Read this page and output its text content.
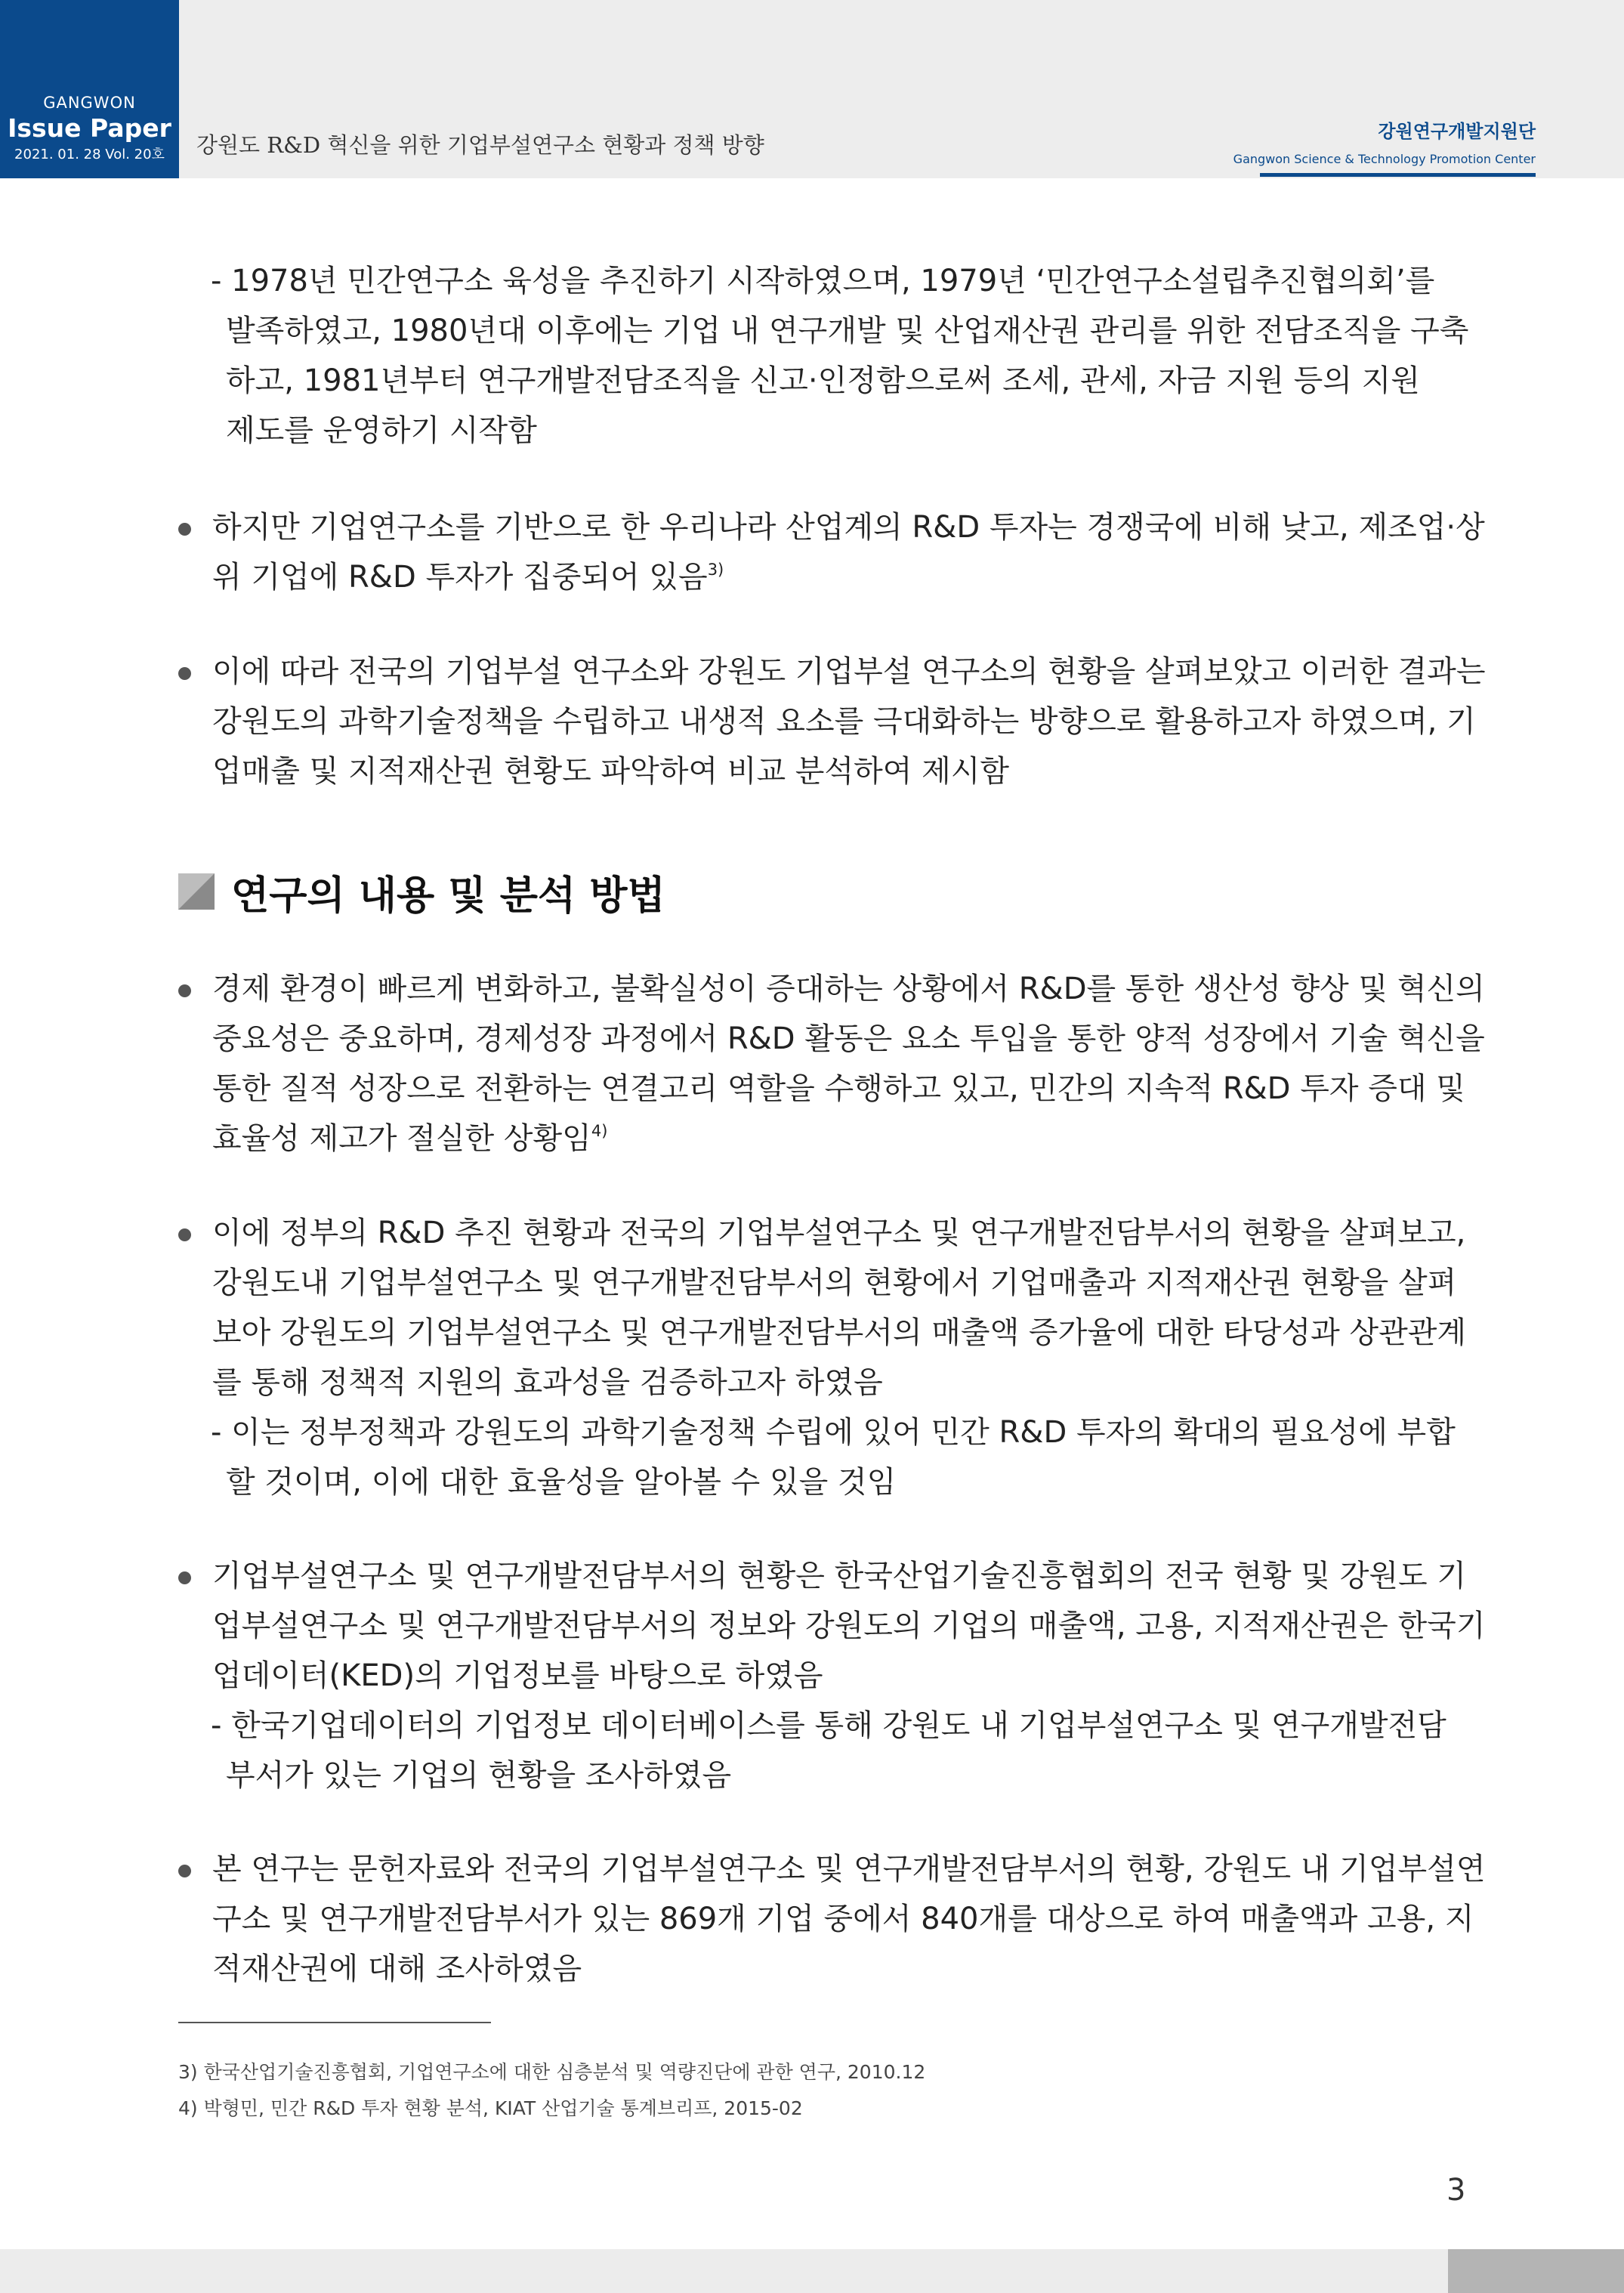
GANGWON
Issue Paper
2021. 01. 28 Vol. 20호	강원도 R&D 혁신을 위한 기업부설연구소 현황과 정책 방향
강원연구개발지원단
Gangwon Science & Technology Promotion Center
- 1978년 민간연구소 육성을 추진하기 시작하였으며, 1979년 ‘민간연구소설립추진협의회’를
발족하였고, 1980년대 이후에는 기업 내 연구개발 및 산업재산권 관리를 위한 전담조직을 구축
하고, 1981년부터 연구개발전담조직을 신고·인정함으로써 조세, 관세, 자금 지원 등의 지원
제도를 운영하기 시작함
하지만 기업연구소를 기반으로 한 우리나라 산업계의 R&D 투자는 경쟁국에 비해 낮고, 제조업·상
위 기업에 R&D 투자가 집중되어 있음$^{3)}$
이에 따라 전국의 기업부설 연구소와 강원도 기업부설 연구소의 현황을 살펴보았고 이러한 결과는
강원도의 과학기술정책을 수립하고 내생적 요소를 극대화하는 방향으로 활용하고자 하였으며, 기
업매출 및 지적재산권 현황도 파악하여 비교 분석하여 제시함
연구의 내용 및 분석 방법
경제 환경이 빠르게 변화하고, 불확실성이 증대하는 상황에서 R&D를 통한 생산성 향상 및 혁신의
중요성은 중요하며, 경제성장 과정에서 R&D 활동은 요소 투입을 통한 양적 성장에서 기술 혁신을
통한 질적 성장으로 전환하는 연결고리 역할을 수행하고 있고, 민간의 지속적 R&D 투자 증대 및
효율성 제고가 절실한 상황임$^{4)}$
이에 정부의 R&D 추진 현황과 전국의 기업부설연구소 및 연구개발전담부서의 현황을 살펴보고,
강원도내 기업부설연구소 및 연구개발전담부서의 현황에서 기업매출과 지적재산권 현황을 살펴
보아 강원도의 기업부설연구소 및 연구개발전담부서의 매출액 증가율에 대한 타당성과 상관관계
를 통해 정책적 지원의 효과성을 검증하고자 하였음
- 이는 정부정책과 강원도의 과학기술정책 수립에 있어 민간 R&D 투자의 확대의 필요성에 부합
할 것이며, 이에 대한 효율성을 알아볼 수 있을 것임
기업부설연구소 및 연구개발전담부서의 현황은 한국산업기술진흥협회의 전국 현황 및 강원도 기
업부설연구소 및 연구개발전담부서의 정보와 강원도의 기업의 매출액, 고용, 지적재산권은 한국기
업데이터(KED)의 기업정보를 바탕으로 하였음
- 한국기업데이터의 기업정보 데이터베이스를 통해 강원도 내 기업부설연구소 및 연구개발전담
부서가 있는 기업의 현황을 조사하였음
본 연구는 문헌자료와 전국의 기업부설연구소 및 연구개발전담부서의 현황, 강원도 내 기업부설연
구소 및 연구개발전담부서가 있는 869개 기업 중에서 840개를 대상으로 하여 매출액과 고용, 지
적재산권에 대해 조사하였음
3) 한국산업기술진흥협회, 기업연구소에 대한 심층분석 및 역량진단에 관한 연구, 2010.12
4) 박형민, 민간 R&D 투자 현황 분석, KIAT 산업기술 통계브리프, 2015-02
3
